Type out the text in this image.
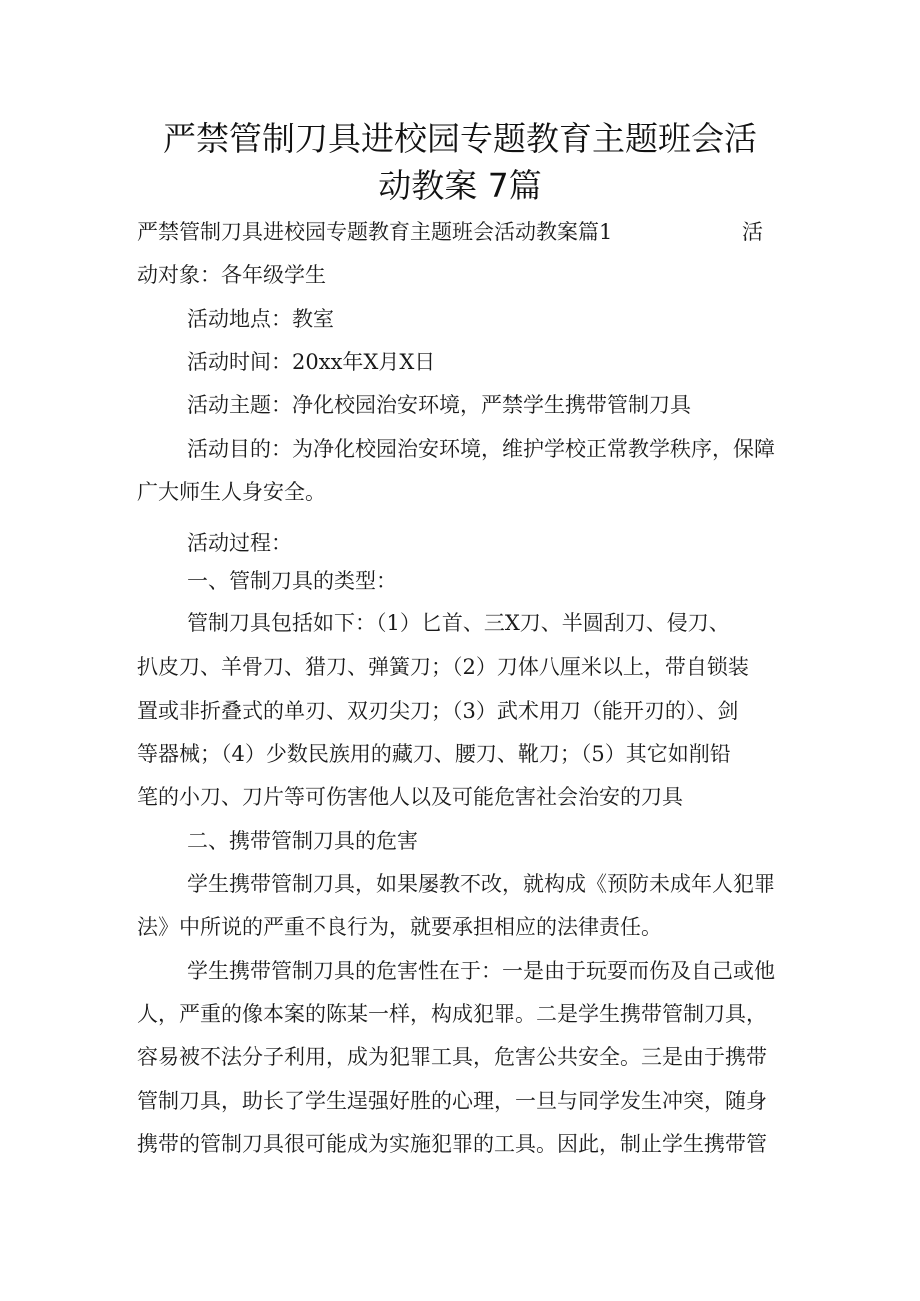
严禁管制刀具进校园专题教育主题班会活
动教案 7篇

严禁管制刀具进校园专题教育主题班会活动教案篇1	活

动对象：各年级学生

活动地点：教室

活动时间：20xx年X月X日

活动主题：净化校园治安环境，严禁学生携带管制刀具

活动目的：为净化校园治安环境，维护学校正常教学秩序，保障

广大师生人身安全。

活动过程：

一、管制刀具的类型：

管制刀具包括如下：（1）匕首、三X刀、半圆刮刀、侵刀、

扒皮刀、羊骨刀、猎刀、弹簧刀；（2）刀体八厘米以上，带自锁装

置或非折叠式的单刃、双刃尖刀；（3）武术用刀（能开刃的）、剑

等器械；（4）少数民族用的藏刀、腰刀、靴刀；（5）其它如削铅

笔的小刀、刀片等可伤害他人以及可能危害社会治安的刀具

二、携带管制刀具的危害

学生携带管制刀具，如果屡教不改，就构成《预防未成年人犯罪

法》中所说的严重不良行为，就要承担相应的法律责任。

学生携带管制刀具的危害性在于：一是由于玩耍而伤及自己或他

人，严重的像本案的陈某一样，构成犯罪。二是学生携带管制刀具，

容易被不法分子利用，成为犯罪工具，危害公共安全。三是由于携带

管制刀具，助长了学生逞强好胜的心理，一旦与同学发生冲突，随身

携带的管制刀具很可能成为实施犯罪的工具。因此，制止学生携带管
